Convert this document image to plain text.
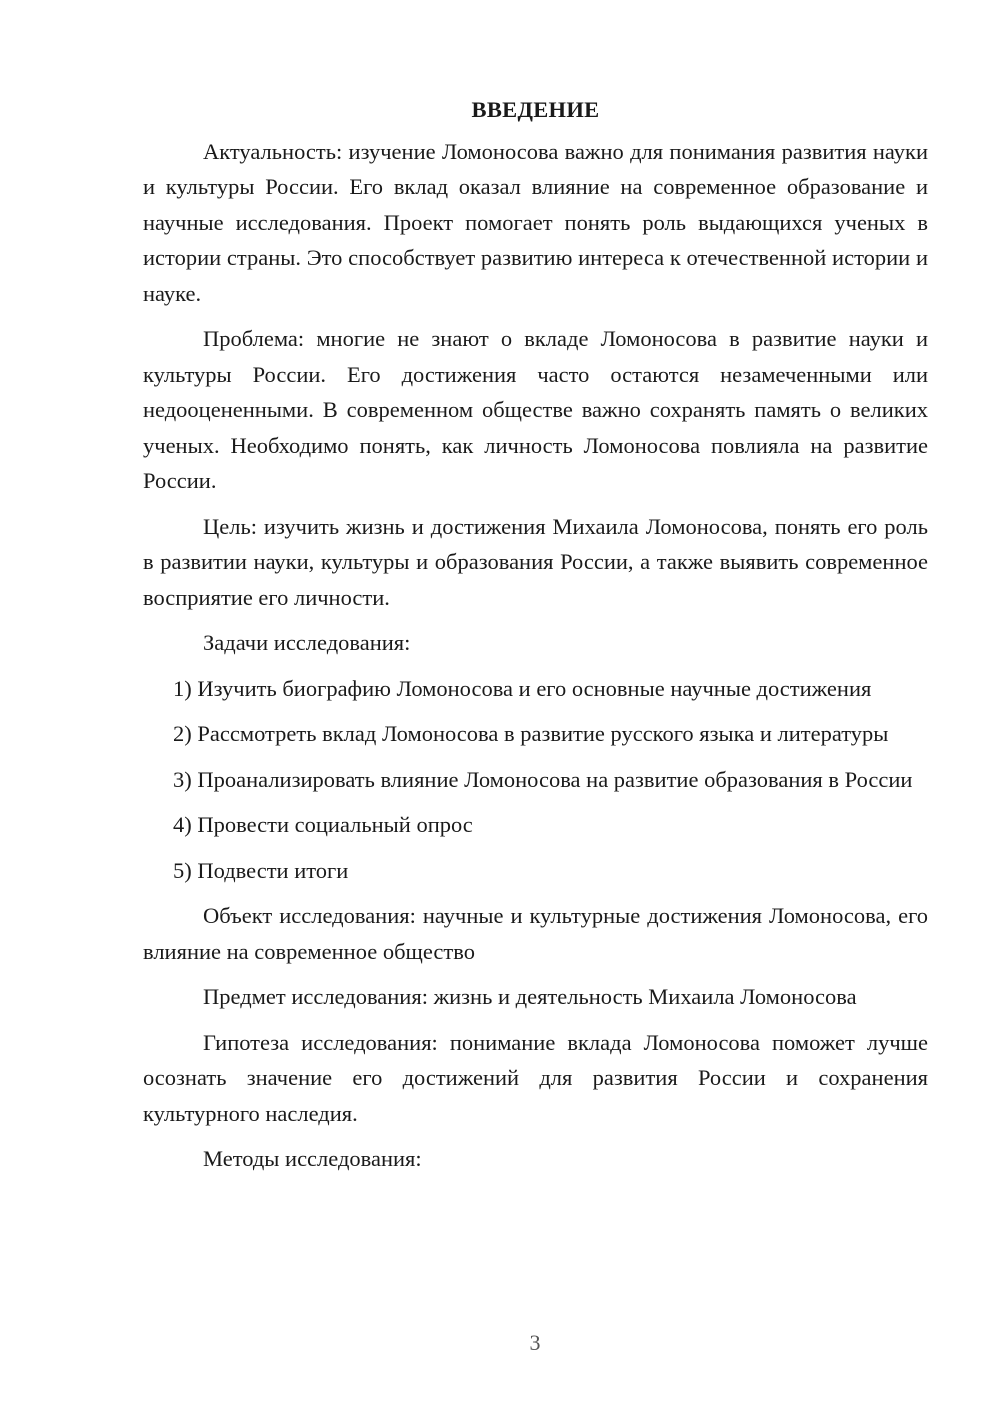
ВВЕДЕНИЕ

Актуальность: изучение Ломоносова важно для понимания развития науки и культуры России. Его вклад оказал влияние на современное образование и научные исследования. Проект помогает понять роль выдающихся ученых в истории страны. Это способствует развитию интереса к отечественной истории и науке.

Проблема: многие не знают о вкладе Ломоносова в развитие науки и культуры России. Его достижения часто остаются незамеченными или недооцененными. В современном обществе важно сохранять память о великих ученых. Необходимо понять, как личность Ломоносова повлияла на развитие России.

Цель: изучить жизнь и достижения Михаила Ломоносова, понять его роль в развитии науки, культуры и образования России, а также выявить современное восприятие его личности.

Задачи исследования:

1) Изучить биографию Ломоносова и его основные научные достижения

2) Рассмотреть вклад Ломоносова в развитие русского языка и литературы

3) Проанализировать влияние Ломоносова на развитие образования в России

4) Провести социальный опрос

5) Подвести итоги

Объект исследования: научные и культурные достижения Ломоносова, его влияние на современное общество

Предмет исследования: жизнь и деятельность Михаила Ломоносова

Гипотеза исследования: понимание вклада Ломоносова поможет лучше осознать значение его достижений для развития России и сохранения культурного наследия.

Методы исследования:

3
